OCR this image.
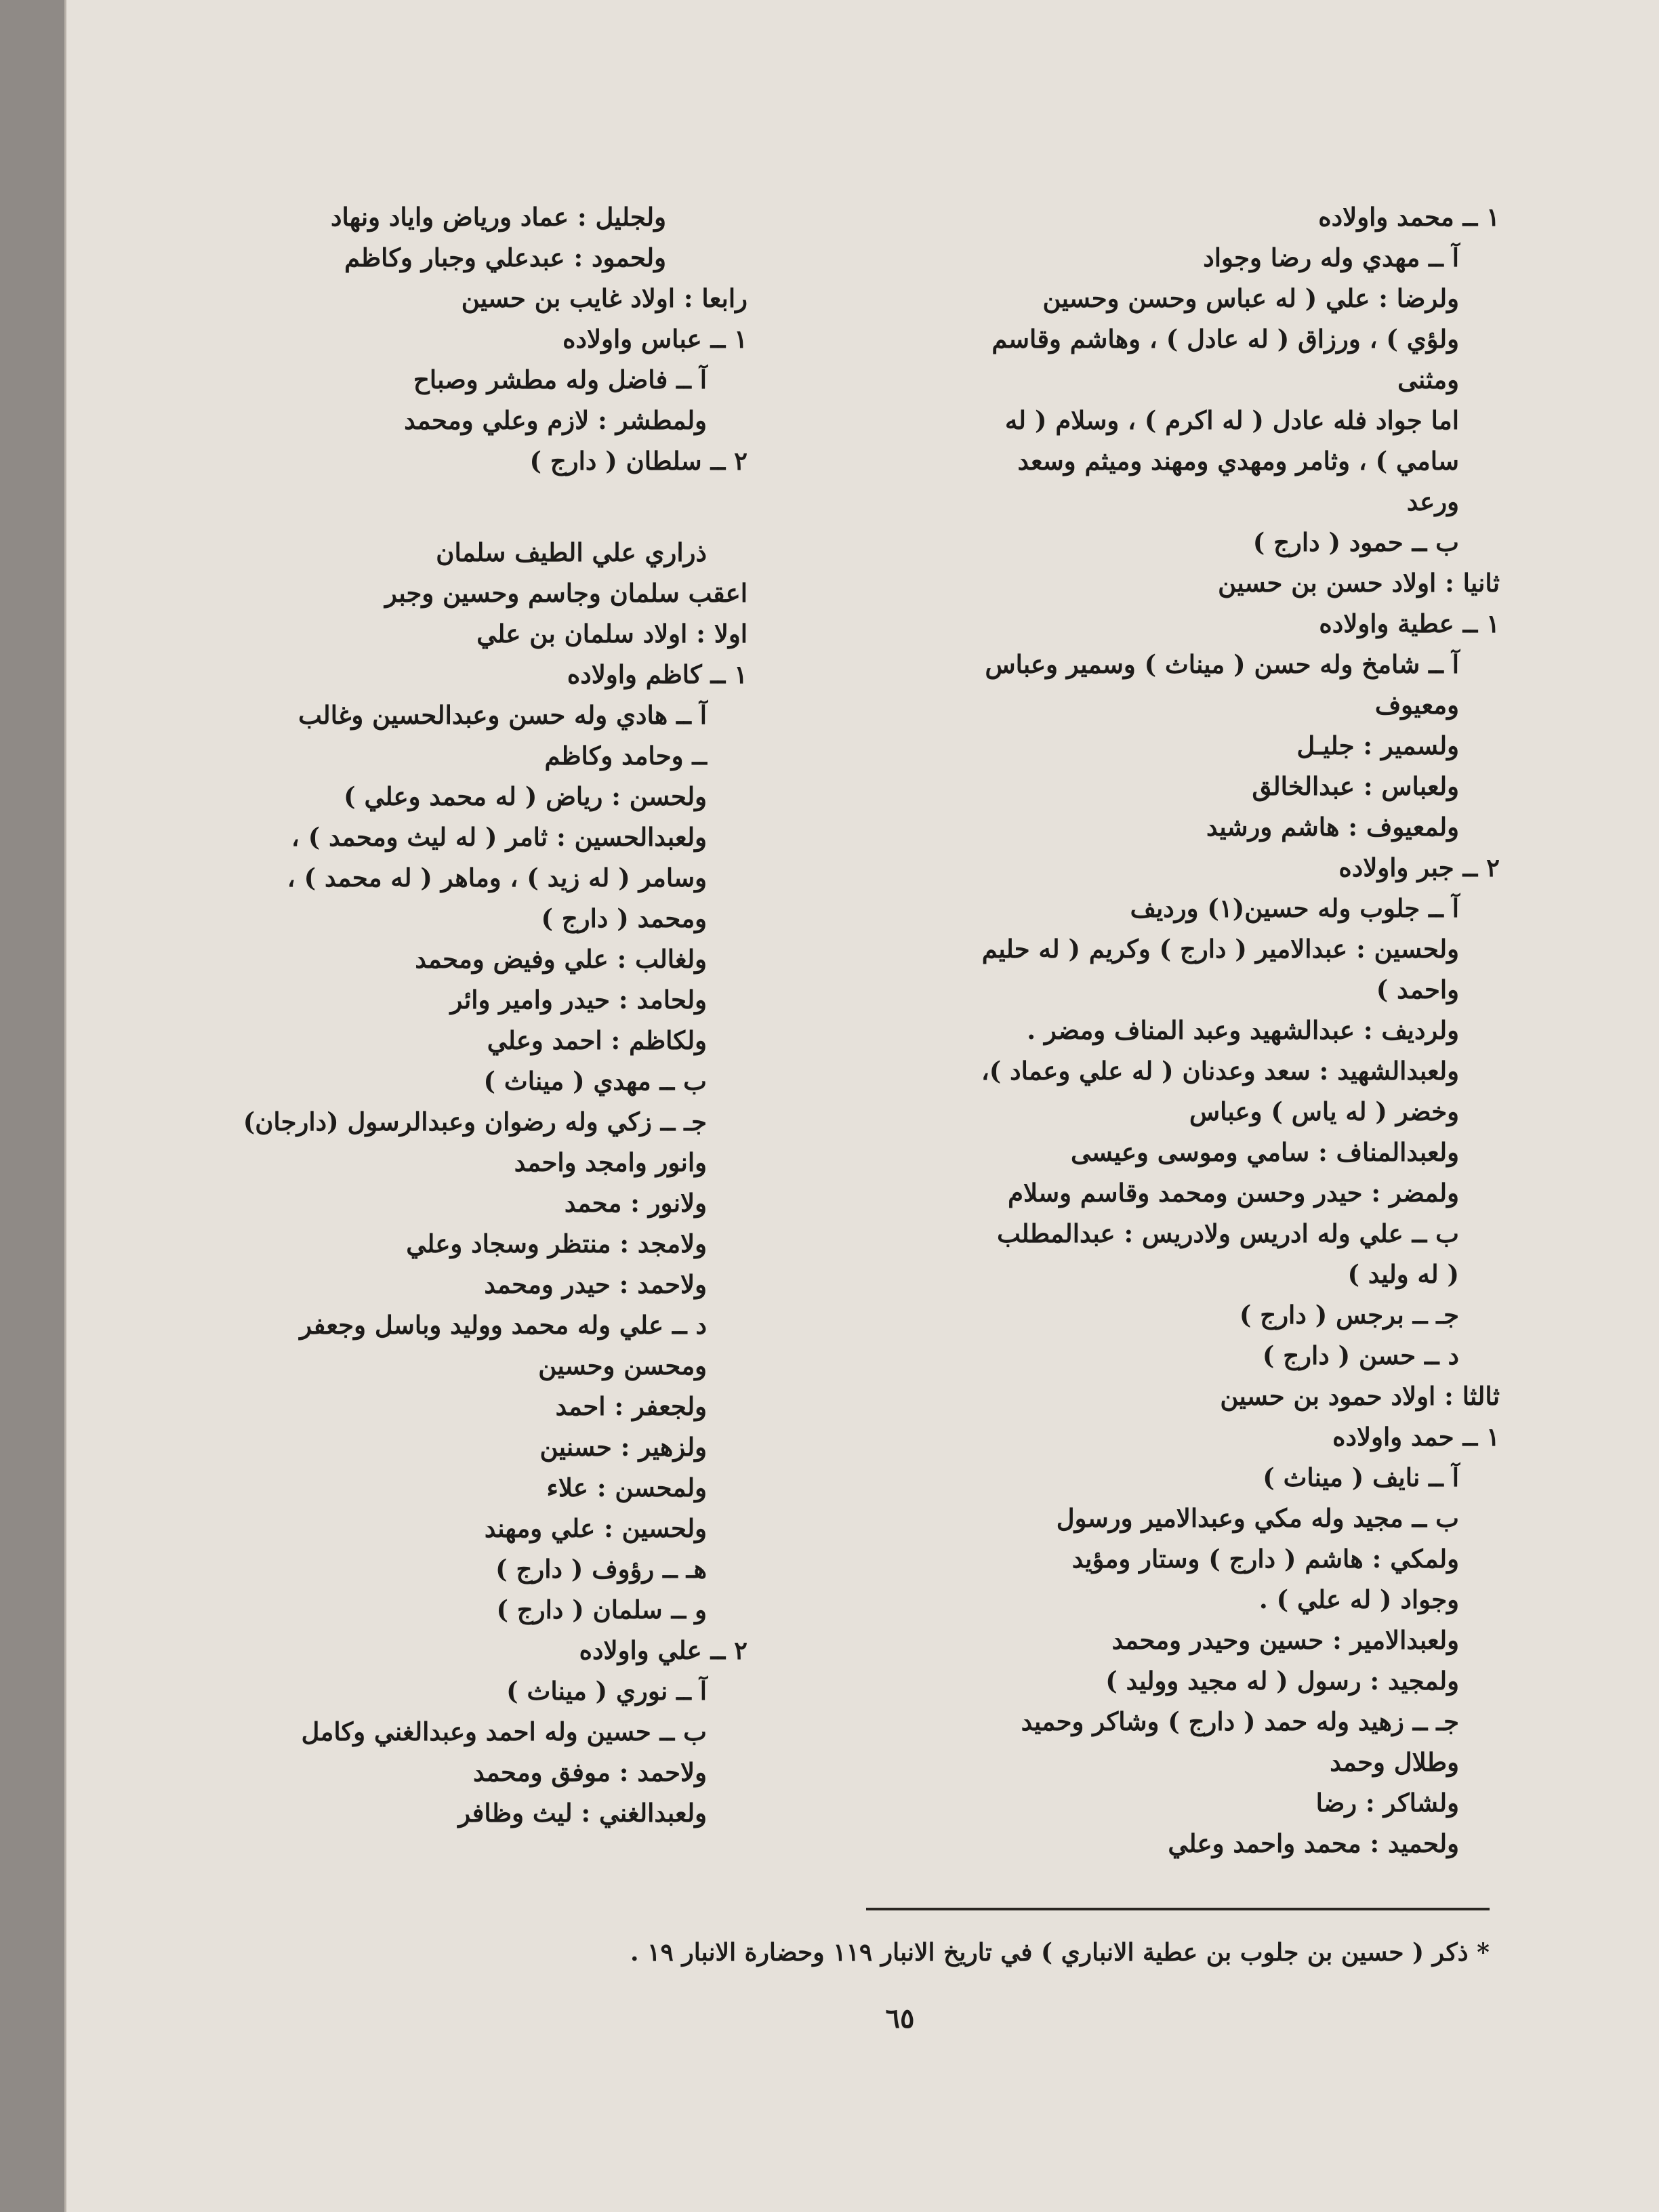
١ ــ محمد واولاده
آ ــ مهدي وله رضا وجواد
ولرضا : علي ( له عباس وحسن وحسين
ولؤي ) ، ورزاق ( له عادل ) ، وهاشم وقاسم
ومثنى
اما جواد فله عادل ( له اكرم ) ، وسلام ( له
سامي ) ، وثامر ومهدي ومهند وميثم وسعد
ورعد
ب ــ حمود ( دارج )
ثانيا : اولاد حسن بن حسين
١ ــ عطية واولاده
آ ــ شامخ وله حسن ( ميناث ) وسمير وعباس
ومعيوف
ولسمير : جليـل
ولعباس : عبدالخالق
ولمعيوف : هاشم ورشيد
٢ ــ جبر واولاده
آ ــ جلوب وله حسين(١) ورديف
ولحسين : عبدالامير ( دارج ) وكريم ( له حليم
واحمد )
ولرديف : عبدالشهيد وعبد المناف ومضر .
ولعبدالشهيد : سعد وعدنان ( له علي وعماد )،
وخضر ( له ياس ) وعباس
ولعبدالمناف : سامي وموسى وعيسى
ولمضر : حيدر وحسن ومحمد وقاسم وسلام
ب ــ علي وله ادريس ولادريس : عبدالمطلب
( له وليد )
جـ ــ برجس ( دارج )
د ــ حسن ( دارج )
ثالثا : اولاد حمود بن حسين
١ ــ حمد واولاده
آ ــ نايف ( ميناث )
ب ــ مجيد وله مكي وعبدالامير ورسول
ولمكي : هاشم ( دارج ) وستار ومؤيد
وجواد ( له علي ) .
ولعبدالامير : حسين وحيدر ومحمد
ولمجيد : رسول ( له مجيد ووليد )
جـ ــ زهيد وله حمد ( دارج ) وشاكر وحميد
وطلال وحمد
ولشاكر : رضا
ولحميد : محمد واحمد وعلي
ولجليل : عماد ورياض واياد ونهاد
ولحمود : عبدعلي وجبار وكاظم
رابعا : اولاد غايب بن حسين
١ ــ عباس واولاده
آ ــ فاضل وله مطشر وصباح
ولمطشر : لازم وعلي ومحمد
٢ ــ سلطان ( دارج )
ذراري علي الطيف سلمان
اعقب سلمان وجاسم وحسين وجبر
اولا : اولاد سلمان بن علي
١ ــ كاظم واولاده
آ ــ هادي وله حسن وعبدالحسين وغالب
ــ وحامد وكاظم
ولحسن : رياض ( له محمد وعلي )
ولعبدالحسين : ثامر ( له ليث ومحمد ) ،
وسامر ( له زيد ) ، وماهر ( له محمد ) ،
ومحمد ( دارج )
ولغالب : علي وفيض ومحمد
ولحامد : حيدر وامير وائر
ولكاظم : احمد وعلي
ب ــ مهدي ( ميناث )
جـ ــ زكي وله رضوان وعبدالرسول (دارجان)
وانور وامجد واحمد
ولانور : محمد
ولامجد : منتظر وسجاد وعلي
ولاحمد : حيدر ومحمد
د ــ علي وله محمد ووليد وباسل وجعفر
ومحسن وحسين
ولجعفر : احمد
ولزهير : حسنين
ولمحسن : علاء
ولحسين : علي ومهند
هـ ــ رؤوف ( دارج )
و ــ سلمان ( دارج )
٢ ــ علي واولاده
آ ــ نوري ( ميناث )
ب ــ حسين وله احمد وعبدالغني وكامل
ولاحمد : موفق ومحمد
ولعبدالغني : ليث وظافر
* ذكر ( حسين بن جلوب بن عطية الانباري ) في تاريخ الانبار ١١٩ وحضارة الانبار ١٩ .
٦٥
